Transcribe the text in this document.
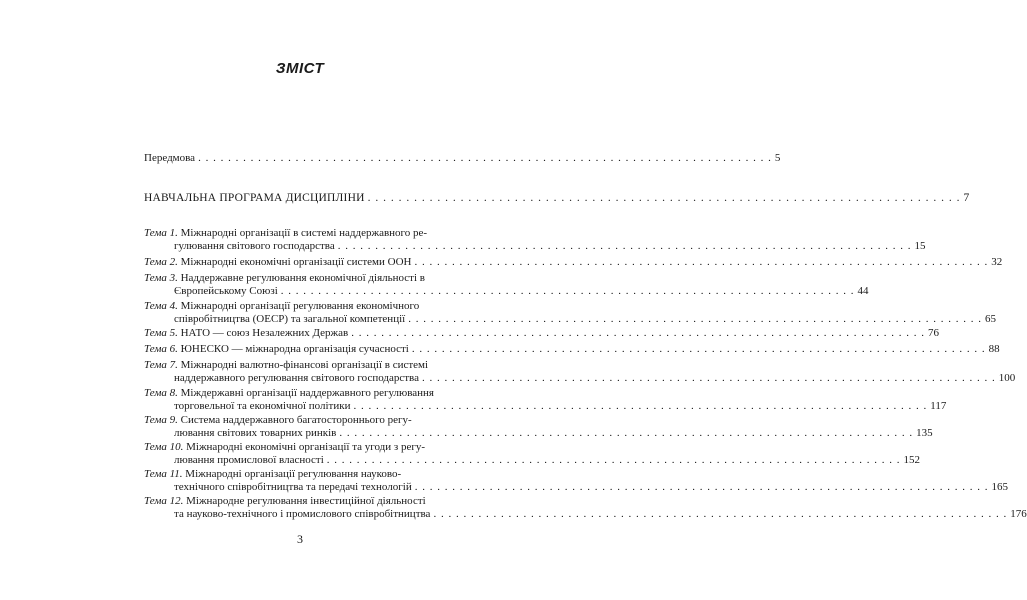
ЗМІСТ
Передмова . . .	5
НАВЧАЛЬНА ПРОГРАМА ДИСЦИПЛІНИ . . .	7
Тема 1. Міжнародні організації в системі наддержавного ре-
гулювання світового господарства . . .	15
Тема 2. Міжнародні економічні організації системи ООН . . .	32
Тема 3. Наддержавне регулювання економічної діяльності в
Європейському Союзі . . .	44
Тема 4. Міжнародні організації регулювання економічного
співробітництва (ОЕСР) та загальної компетенції . . .	65
Тема 5. НАТО — союз Незалежних Держав . . .	76
Тема 6. ЮНЕСКО — міжнародна організація сучасності . . .	88
Тема 7. Міжнародні валютно-фінансові організації в системі
наддержавного регулювання світового господарства . . .	100
Тема 8. Міждержавні організації наддержавного регулювання
торговельної та економічної політики . . .	117
Тема 9. Система наддержавного багатостороннього регу-
лювання світових товарних ринків . . .	135
Тема 10. Міжнародні економічні організації та угоди з регу-
лювання промислової власності . . .	152
Тема 11. Міжнародні організації регулювання науково-
технічного співробітництва та передачі технологій . . .	165
Тема 12. Міжнародне регулювання інвестиційної діяльності
та науково-технічного і промислового співробітництва . . .	176
3
